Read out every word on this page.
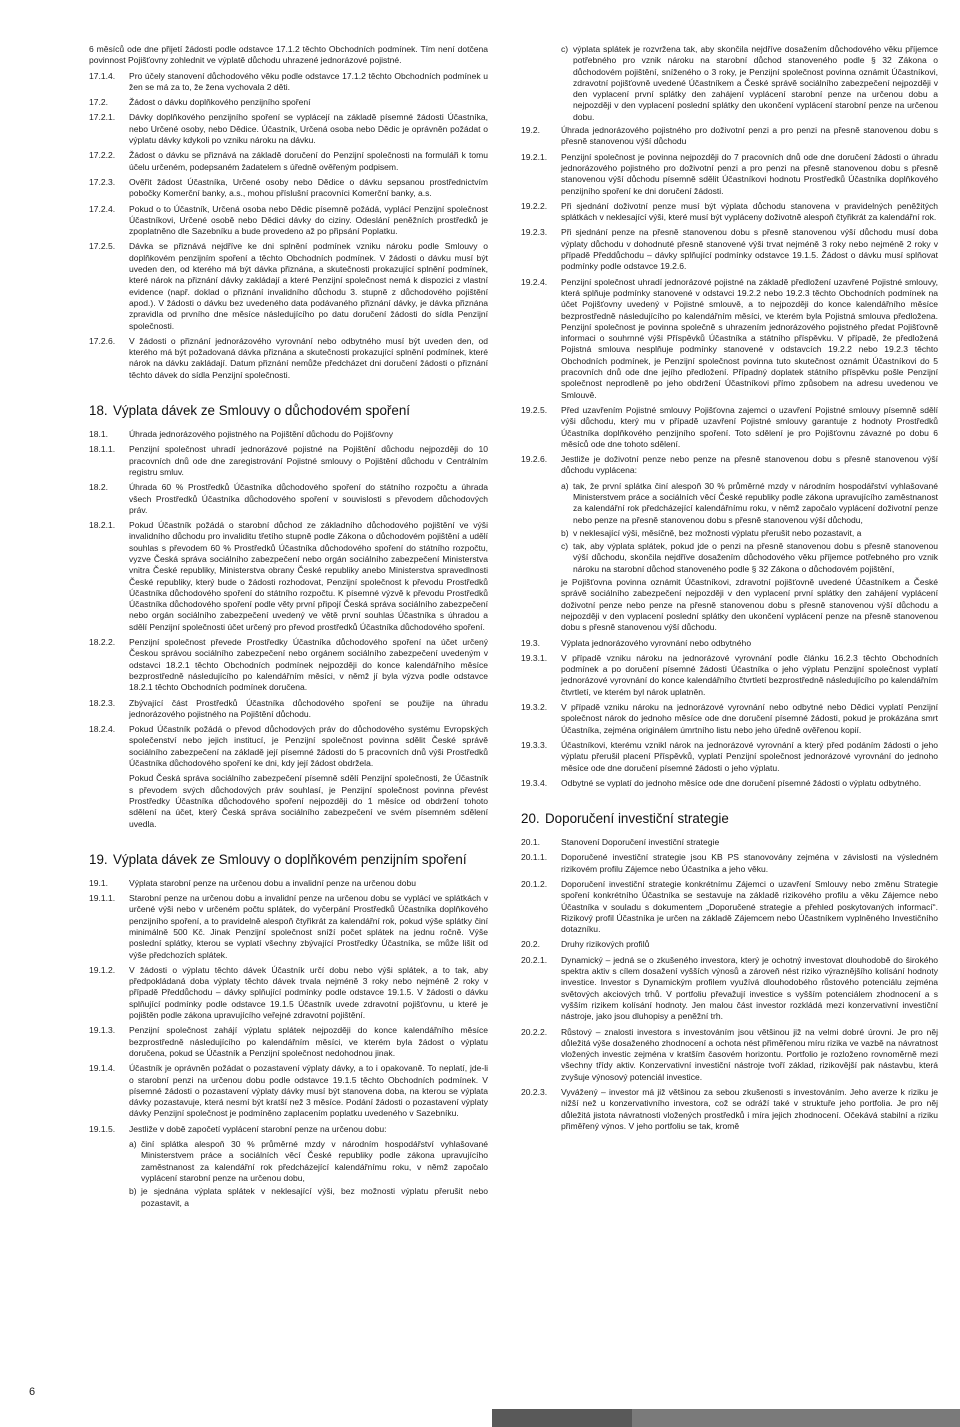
6 měsíců ode dne přijetí žádosti podle odstavce 17.1.2 těchto Obchodních podmínek. Tím není dotčena povinnost Pojišťovny zohlednit ve výplatě důchodu uhrazené jednorázové pojistné.
17.1.4.	Pro účely stanovení důchodového věku podle odstavce 17.1.2 těchto Obchodních podmínek u žen se má za to, že žena vychovala 2 děti.
17.2.	Žádost o dávku doplňkového penzijního spoření
17.2.1.	Dávky doplňkového penzijního spoření se vyplácejí na základě písemné žádosti Účastníka, nebo Určené osoby, nebo Dědice. Účastník, Určená osoba nebo Dědic je oprávněn požádat o výplatu dávky kdykoli po vzniku nároku na dávku.
17.2.2.	Žádost o dávku se přiznává na základě doručení do Penzijní společnosti na formuláři k tomu účelu určeném, podepsaném žadatelem s úředně ověřeným podpisem.
17.2.3.	Ověřit žádost Účastníka, Určené osoby nebo Dědice o dávku sepsanou prostřednictvím pobočky Komerční banky, a.s., mohou příslušní pracovníci Komerční banky, a.s.
17.2.4.	Pokud o to Účastník, Určená osoba nebo Dědic písemně požádá, vyplácí Penzijní společnost Účastníkovi, Určené osobě nebo Dědici dávky do ciziny. Odeslání peněžních prostředků je zpoplatněno dle Sazebníku a bude provedeno až po připsání Poplatku.
17.2.5.	Dávka se přiznává nejdříve ke dni splnění podmínek vzniku nároku podle Smlouvy o doplňkovém penzijním spoření a těchto Obchodních podmínek. V žádosti o dávku musí být uveden den, od kterého má být dávka přiznána, a skutečnosti prokazující splnění podmínek, které nárok na přiznání dávky zakládají a které Penzijní společnost nemá k dispozici z vlastní evidence (např. doklad o přiznání invalidního důchodu 3. stupně z důchodového pojištění apod.). V žádosti o dávku bez uvedeného data podávaného přiznání dávky, je dávka přiznána zpravidla od prvního dne měsíce následujícího po datu doručení žádosti do sídla Penzijní společnosti.
17.2.6.	V žádosti o přiznání jednorázového vyrovnání nebo odbytného musí být uveden den, od kterého má být požadovaná dávka přiznána a skutečnosti prokazující splnění podmínek, které nárok na dávku zakládají. Datum přiznání nemůže předcházet dni doručení žádosti o přiznání těchto dávek do sídla Penzijní společnosti.
18. Výplata dávek ze Smlouvy o důchodovém spoření
18.1.	Úhrada jednorázového pojistného na Pojištění důchodu do Pojišťovny
18.1.1.	Penzijní společnost uhradí jednorázové pojistné na Pojištění důchodu nejpozději do 10 pracovních dnů ode dne zaregistrování Pojistné smlouvy o Pojištění důchodu v Centrálním registru smluv.
18.2.	Úhrada 60 % Prostředků Účastníka důchodového spoření do státního rozpočtu a úhrada všech Prostředků Účastníka důchodového spoření v souvislosti s převodem důchodových práv.
18.2.1.	Pokud Účastník požádá o starobní důchod ze základního důchodového pojištění ve výši invalidního důchodu pro invaliditu třetího stupně podle Zákona o důchodovém pojištění a udělí souhlas s převodem 60 % Prostředků Účastníka důchodového spoření do státního rozpočtu, vyzve Česká správa sociálního zabezpečení nebo orgán sociálního zabezpečení Ministerstva vnitra České republiky, Ministerstva obrany České republiky anebo Ministerstva spravedlnosti České republiky, který bude o žádosti rozhodovat, Penzijní společnost k převodu Prostředků Účastníka důchodového spoření do státního rozpočtu. K písemné výzvě k převodu Prostředků Účastníka důchodového spoření podle věty první připojí Česká správa sociálního zabezpečení nebo orgán sociálního zabezpečení uvedený ve větě první souhlas Účastníka s úhradou a sdělí Penzijní společnosti účet určený pro převod prostředků Účastníka důchodového spoření.
18.2.2.	Penzijní společnost převede Prostředky Účastníka důchodového spoření na účet určený Českou správou sociálního zabezpečení nebo orgánem sociálního zabezpečení uvedeným v odstavci 18.2.1 těchto Obchodních podmínek nejpozději do konce kalendářního měsíce bezprostředně následujícího po kalendářním měsíci, v němž jí byla výzva podle odstavce 18.2.1 těchto Obchodních podmínek doručena.
18.2.3.	Zbývající část Prostředků Účastníka důchodového spoření se použije na úhradu jednorázového pojistného na Pojištění důchodu.
18.2.4.	Pokud Účastník požádá o převod důchodových práv do důchodového systému Evropských společenství nebo jejich institucí, je Penzijní společnost povinna sdělit České správě sociálního zabezpečení na základě její písemné žádosti do 5 pracovních dnů výši Prostředků Účastníka důchodového spoření ke dni, kdy její žádost obdržela.
Pokud Česká správa sociálního zabezpečení písemně sdělí Penzijní společnosti, že Účastník s převodem svých důchodových práv souhlasí, je Penzijní společnost povinna převést Prostředky Účastníka důchodového spoření nejpozději do 1 měsíce od obdržení tohoto sdělení na účet, který Česká správa sociálního zabezpečení ve svém písemném sdělení uvedla.
19. Výplata dávek ze Smlouvy o doplňkovém penzijním spoření
19.1.	Výplata starobní penze na určenou dobu a invalidní penze na určenou dobu
19.1.1.	Starobní penze na určenou dobu a invalidní penze na určenou dobu se vyplácí ve splátkách v určené výši nebo v určeném počtu splátek, do vyčerpání Prostředků Účastníka doplňkového penzijního spoření, a to pravidelně alespoň čtyřikrát za kalendářní rok, pokud výše splátky činí minimálně 500 Kč. Jinak Penzijní společnost sníží počet splátek na jednu ročně. Výše poslední splátky, kterou se vyplatí všechny zbývající Prostředky Účastníka, se může lišit od výše předchozích splátek.
19.1.2.	V žádosti o výplatu těchto dávek Účastník určí dobu nebo výši splátek, a to tak, aby předpokládaná doba výplaty těchto dávek trvala nejméně 3 roky nebo nejméně 2 roky v případě Předdůchodu – dávky splňující podmínky podle odstavce 19.1.5. V žádosti o dávku splňující podmínky podle odstavce 19.1.5 Účastník uvede zdravotní pojišťovnu, u které je pojištěn podle zákona upravujícího veřejné zdravotní pojištění.
19.1.3.	Penzijní společnost zahájí výplatu splátek nejpozději do konce kalendářního měsíce bezprostředně následujícího po kalendářním měsíci, ve kterém byla žádost o výplatu doručena, pokud se Účastník a Penzijní společnost nedohodnou jinak.
19.1.4.	Účastník je oprávněn požádat o pozastavení výplaty dávky, a to i opakovaně. To neplatí, jde-li o starobní penzi na určenou dobu podle odstavce 19.1.5 těchto Obchodních podmínek. V písemné žádosti o pozastavení výplaty dávky musí být stanovena doba, na kterou se výplata dávky pozastavuje, která nesmí být kratší než 3 měsíce. Podání žádosti o pozastavení výplaty dávky Penzijní společnost je podmíněno zaplacením poplatku uvedeného v Sazebníku.
19.1.5.	Jestliže v době započetí vyplácení starobní penze na určenou dobu:
a) činí splátka alespoň 30 % průměrné mzdy v národním hospodářství vyhlašované Ministerstvem práce a sociálních věcí České republiky podle zákona upravujícího zaměstnanost za kalendářní rok předcházející kalendářnímu roku, v němž započalo vyplácení starobní penze na určenou dobu,
b) je sjednána výplata splátek v neklesající výši, bez možnosti výplatu přerušit nebo pozastavit, a
c) výplata splátek je rozvržena tak, aby skončila nejdříve dosažením důchodového věku příjemce potřebného pro vznik nároku na starobní důchod stanoveného podle § 32 Zákona o důchodovém pojištění, sníženého o 3 roky, je Penzijní společnost povinna oznámit Účastníkovi, zdravotní pojišťovně uvedené Účastníkem a České správě sociálního zabezpečení nejpozději v den vyplacení první splátky den zahájení vyplácení starobní penze na určenou dobu a nejpozději v den vyplacení poslední splátky den ukončení vyplácení starobní penze na určenou dobu.
19.2.	Úhrada jednorázového pojistného pro doživotní penzi a pro penzi na přesně stanovenou dobu s přesně stanovenou výší důchodu
19.2.1.	Penzijní společnost je povinna nejpozději do 7 pracovních dnů ode dne doručení žádosti o úhradu jednorázového pojistného pro doživotní penzi a pro penzi na přesně stanovenou dobu s přesně stanovenou výší důchodu písemně sdělit Účastníkovi hodnotu Prostředků Účastníka doplňkového penzijního spoření ke dni doručení žádosti.
19.2.2.	Při sjednání doživotní penze musí být výplata důchodu stanovena v pravidelných peněžitých splátkách v neklesající výši, které musí být vypláceny doživotně alespoň čtyřikrát za kalendářní rok.
19.2.3.	Při sjednání penze na přesně stanovenou dobu s přesně stanovenou výší důchodu musí doba výplaty důchodu v dohodnuté přesně stanovené výši trvat nejméně 3 roky nebo nejméně 2 roky v případě Předdůchodu – dávky splňující podmínky odstavce 19.1.5. Žádost o dávku musí splňovat podmínky podle odstavce 19.2.6.
19.2.4.	Penzijní společnost uhradí jednorázové pojistné na základě předložení uzavřené Pojistné smlouvy, která splňuje podmínky stanovené v odstavci 19.2.2 nebo 19.2.3 těchto Obchodních podmínek na účet Pojišťovny uvedený v Pojistné smlouvě, a to nejpozději do konce kalendářního měsíce bezprostředně následujícího po kalendářním měsíci, ve kterém byla Pojistná smlouva předložena. Penzijní společnost je povinna společně s uhrazením jednorázového pojistného předat Pojišťovně informaci o souhrnné výši Příspěvků Účastníka a státního příspěvku. V případě, že předložená Pojistná smlouva nesplňuje podmínky stanovené v odstavcích 19.2.2 nebo 19.2.3 těchto Obchodních podmínek, je Penzijní společnost povinna tuto skutečnost oznámit Účastníkovi do 5 pracovních dnů ode dne jejího předložení. Případný doplatek státního příspěvku pošle Penzijní společnost neprodleně po jeho obdržení Účastníkovi přímo způsobem na adresu uvedenou ve Smlouvě.
19.2.5.	Před uzavřením Pojistné smlouvy Pojišťovna zajemci o uzavření Pojistné smlouvy písemně sdělí výši důchodu, který mu v případě uzavření Pojistné smlouvy garantuje z hodnoty Prostředků Účastníka doplňkového penzijního spoření. Toto sdělení je pro Pojišťovnu závazné po dobu 6 měsíců ode dne tohoto sdělení.
19.2.6.	Jestliže je doživotní penze nebo penze na přesně stanovenou dobu s přesně stanovenou výší důchodu vyplácena:
a) tak, že první splátka činí alespoň 30 % průměrné mzdy v národním hospodářství vyhlašované Ministerstvem práce a sociálních věcí České republiky podle zákona upravujícího zaměstnanost za kalendářní rok předcházející kalendářnímu roku, v němž započalo vyplácení doživotní penze nebo penze na přesně stanovenou dobu s přesně stanovenou výší důchodu,
b) v neklesající výši, měsíčně, bez možnosti výplatu přerušit nebo pozastavit, a
c) tak, aby výplata splátek, pokud jde o penzi na přesně stanovenou dobu s přesně stanovenou výší důchodu, skončila nejdříve dosažením důchodového věku příjemce potřebného pro vznik nároku na starobní důchod stanoveného podle § 32 Zákona o důchodovém pojištění,
je Pojišťovna povinna oznámit Účastníkovi, zdravotní pojišťovně uvedené Účastníkem a České správě sociálního zabezpečení nejpozději v den vyplacení první splátky den zahájení vyplácení doživotní penze nebo penze na přesně stanovenou dobu s přesně stanovenou výší důchodu a nejpozději v den vyplacení poslední splátky den ukončení vyplácení penze na přesně stanovenou dobu s přesně stanovenou výší důchodu.
19.3.	Výplata jednorázového vyrovnání nebo odbytného
19.3.1.	V případě vzniku nároku na jednorázové vyrovnání podle článku 16.2.3 těchto Obchodních podmínek a po doručení písemné žádosti Účastníka o jeho výplatu Penzijní společnost vyplatí jednorázové vyrovnání do konce kalendářního čtvrtletí bezprostředně následujícího po kalendářním čtvrtletí, ve kterém byl nárok uplatněn.
19.3.2.	V případě vzniku nároku na jednorázové vyrovnání nebo odbytné nebo Dědici vyplatí Penzijní společnost nárok do jednoho měsíce ode dne doručení písemné žádosti, pokud je prokázána smrt Účastníka, zejména originálem úmrtního listu nebo jeho úředně ověřenou kopií.
19.3.3.	Účastníkovi, kterému vznikl nárok na jednorázové vyrovnání a který před podáním žádosti o jeho výplatu přerušil placení Příspěvků, vyplatí Penzijní společnost jednorázové vyrovnání do jednoho měsíce ode dne doručení písemné žádosti o jeho výplatu.
19.3.4.	Odbytné se vyplatí do jednoho měsíce ode dne doručení písemné žádosti o výplatu odbytného.
20. Doporučení investiční strategie
20.1.	Stanovení Doporučení investiční strategie
20.1.1.	Doporučené investiční strategie jsou KB PS stanovovány zejména v závislosti na výsledném rizikovém profilu Zájemce nebo Účastníka a jeho věku.
20.1.2.	Doporučení investiční strategie konkrétnímu Zájemci o uzavření Smlouvy nebo změnu Strategie spoření konkrétního Účastníka se sestavuje na základě rizikového profilu a věku Zájemce nebo Účastníka v souladu s dokumentem „Doporučené strategie a přehled poskytovaných informací“. Rizikový profil Účastníka je určen na základě Zájemcem nebo Účastníkem vyplněného Investičního dotazníku.
20.2.	Druhy rizikových profilů
20.2.1.	Dynamický – jedná se o zkušeného investora, který je ochotný investovat dlouhodobě do širokého spektra aktiv s cílem dosažení vyšších výnosů a zároveň nést riziko výraznějšího kolísání hodnoty investice. Investor s Dynamickým profilem využívá dlouhodobého růstového potenciálu zejména světových akciových trhů. V portfoliu převažují investice s vyšším potenciálem zhodnocení a s vyšším rizikem kolísání hodnoty. Jen malou část investor rozkládá mezi konzervativní investiční nástroje, jako jsou dluhopisy a peněžní trh.
20.2.2.	Růstový – znalosti investora s investováním jsou většinou již na velmi dobré úrovni. Je pro něj důležitá výše dosaženého zhodnocení a ochota nést přiměřenou míru rizika ve vazbě na návratnost vložených investic zejména v kratším časovém horizontu. Portfolio je rozloženo rovnoměrně mezi všechny třídy aktiv. Konzervativní investiční nástroje tvoří základ, rizikovější pak nástavbu, která zvyšuje výnosový potenciál investice.
20.2.3.	Vyvážený – investor má již většinou za sebou zkušenosti s investováním. Jeho averze k riziku je nižší než u konzervativního investora, což se odráží také v struktuře jeho portfolia. Je pro něj důležitá jistota návratnosti vložených prostředků i míra jejich zhodnocení. Očekává stabilní a riziku přiměřený výnos. V jeho portfoliu se tak, kromě
6
